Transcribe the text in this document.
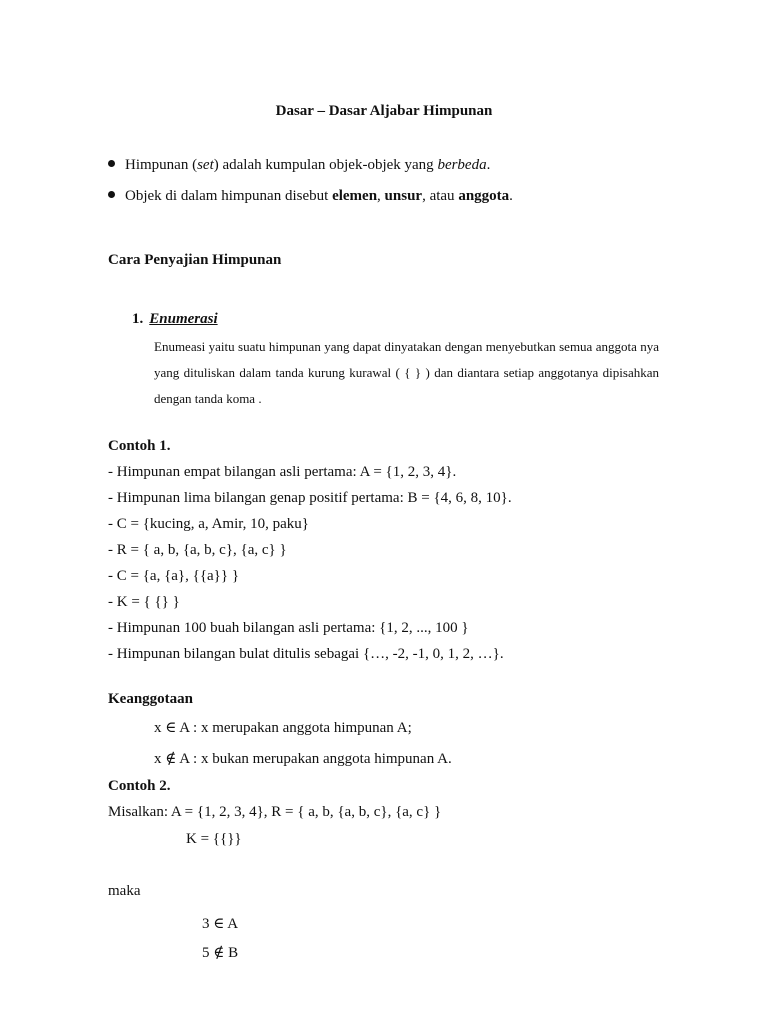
Dasar – Dasar Aljabar Himpunan
Himpunan (set) adalah kumpulan objek-objek yang berbeda.
Objek di dalam himpunan disebut elemen, unsur, atau anggota.
Cara Penyajian Himpunan
1. Enumerasi
Enumeasi yaitu suatu himpunan yang dapat dinyatakan dengan menyebutkan semua anggota nya yang dituliskan dalam tanda kurung kurawal ( { } ) dan diantara setiap anggotanya dipisahkan dengan tanda koma .
Contoh 1.
- Himpunan empat bilangan asli pertama: A = {1, 2, 3, 4}.
- Himpunan lima bilangan genap positif pertama: B = {4, 6, 8, 10}.
- C = {kucing, a, Amir, 10, paku}
- R = { a, b, {a, b, c}, {a, c} }
- C = {a, {a}, {{a}} }
- K = { {} }
- Himpunan 100 buah bilangan asli pertama: {1, 2, ..., 100 }
- Himpunan bilangan bulat ditulis sebagai {…, -2, -1, 0, 1, 2, …}.
Keanggotaan
x ∈ A : x merupakan anggota himpunan A;
x ∉ A : x bukan merupakan anggota himpunan A.
Contoh 2.
Misalkan: A = {1, 2, 3, 4}, R = { a, b, {a, b, c}, {a, c} }
K = {{}}
maka
3 ∈ A
5 ∉ B
